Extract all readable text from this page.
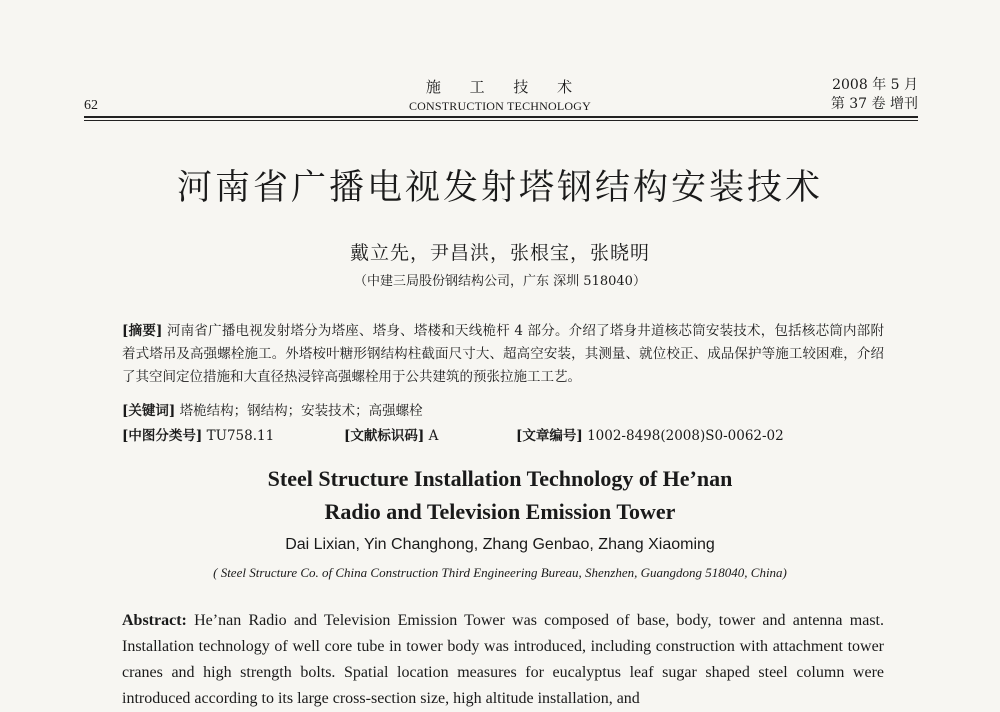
62
施 工 技 术
CONSTRUCTION TECHNOLOGY
2008 年 5 月
第 37 卷 增刊
河南省广播电视发射塔钢结构安装技术
戴立先，尹昌洪，张根宝，张晓明
（中建三局股份钢结构公司，广东 深圳 518040）
[摘要] 河南省广播电视发射塔分为塔座、塔身、塔楼和天线桅杆 4 部分。介绍了塔身井道核芯筒安装技术，包括核芯筒内部附着式塔吊及高强螺栓施工。外塔桉叶糖形钢结构柱截面尺寸大、超高空安装，其测量、就位校正、成品保护等施工较困难，介绍了其空间定位措施和大直径热浸锌高强螺栓用于公共建筑的预张拉施工工艺。
[关键词] 塔桅结构；钢结构；安装技术；高强螺栓
[中图分类号] TU758.11	[文献标识码] A	[文章编号] 1002-8498(2008)S0-0062-02
Steel Structure Installation Technology of He’nan
Radio and Television Emission Tower
Dai Lixian, Yin Changhong, Zhang Genbao, Zhang Xiaoming
( Steel Structure Co. of China Construction Third Engineering Bureau, Shenzhen, Guangdong 518040, China)
Abstract: He’nan Radio and Television Emission Tower was composed of base, body, tower and antenna mast. Installation technology of well core tube in tower body was introduced, including construction with attachment tower cranes and high strength bolts. Spatial location measures for eucalyptus leaf sugar shaped steel column were introduced according to its large cross-section size, high altitude installation, and
